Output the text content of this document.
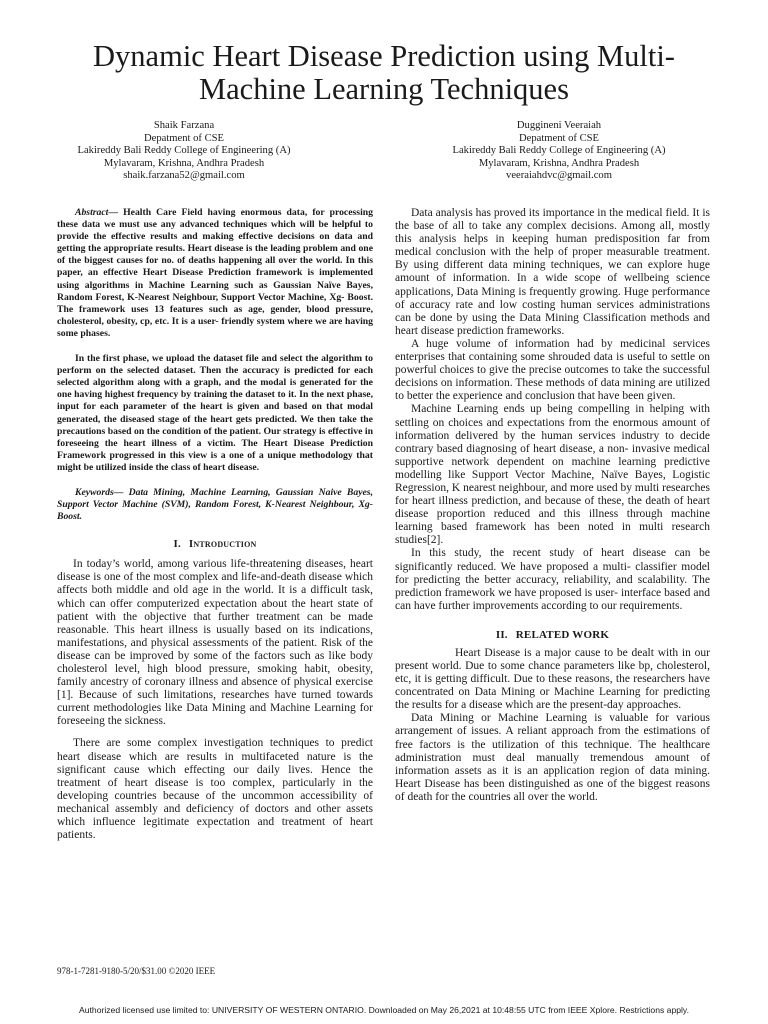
Dynamic Heart Disease Prediction using Multi-Machine Learning Techniques
Shaik Farzana
Depatment of CSE
Lakireddy Bali Reddy College of Engineering (A)
Mylavaram, Krishna, Andhra Pradesh
shaik.farzana52@gmail.com
Duggineni Veeraiah
Depatment of CSE
Lakireddy Bali Reddy College of Engineering (A)
Mylavaram, Krishna, Andhra Pradesh
veeraiahdvc@gmail.com

Abstract— Health Care Field having enormous data, for processing these data we must use any advanced techniques which will be helpful to provide the effective results and making effective decisions on data and getting the appropriate results. Heart disease is the leading problem and one of the biggest causes for no. of deaths happening all over the world. In this paper, an effective Heart Disease Prediction framework is implemented using algorithms in Machine Learning such as Gaussian Naïve Bayes, Random Forest, K-Nearest Neighbour, Support Vector Machine, Xg- Boost. The framework uses 13 features such as age, gender, blood pressure, cholesterol, obesity, cp, etc. It is a user- friendly system where we are having some phases.

In the first phase, we upload the dataset file and select the algorithm to perform on the selected dataset. Then the accuracy is predicted for each selected algorithm along with a graph, and the modal is generated for the one having highest frequency by training the dataset to it. In the next phase, input for each parameter of the heart is given and based on that modal generated, the diseased stage of the heart gets predicted. We then take the precautions based on the condition of the patient. Our strategy is effective in foreseeing the heart illness of a victim. The Heart Disease Prediction Framework progressed in this view is a one of a unique methodology that might be utilized inside the class of heart disease.

Keywords— Data Mining, Machine Learning, Gaussian Naive Bayes, Support Vector Machine (SVM), Random Forest, K-Nearest Neighbour, Xg- Boost.

I. Introduction

In today’s world, among various life-threatening diseases, heart disease is one of the most complex and life-and-death disease which affects both middle and old age in the world. It is a difficult task, which can offer computerized expectation about the heart state of patient with the objective that further treatment can be made reasonable. This heart illness is usually based on its indications, manifestations, and physical assessments of the patient. Risk of the disease can be improved by some of the factors such as like body cholesterol level, high blood pressure, smoking habit, obesity, family ancestry of coronary illness and absence of physical exercise [1]. Because of such limitations, researches have turned towards current methodologies like Data Mining and Machine Learning for foreseeing the sickness.

There are some complex investigation techniques to predict heart disease which are results in multifaceted nature is the significant cause which effecting our daily lives. Hence the treatment of heart disease is too complex, particularly in the developing countries because of the uncommon accessibility of mechanical assembly and deficiency of doctors and other assets which influence legitimate expectation and treatment of heart patients.

Data analysis has proved its importance in the medical field. It is the base of all to take any complex decisions. Among all, mostly this analysis helps in keeping human predisposition far from medical conclusion with the help of proper measurable treatment. By using different data mining techniques, we can explore huge amount of information. In a wide scope of wellbeing science applications, Data Mining is frequently growing. Huge performance of accuracy rate and low costing human services administrations can be done by using the Data Mining Classification methods and heart disease prediction frameworks.

A huge volume of information had by medicinal services enterprises that containing some shrouded data is useful to settle on powerful choices to give the precise outcomes to take the successful decisions on information. These methods of data mining are utilized to better the experience and conclusion that have been given.

Machine Learning ends up being compelling in helping with settling on choices and expectations from the enormous amount of information delivered by the human services industry to decide contrary based diagnosing of heart disease, a non- invasive medical supportive network dependent on machine learning predictive modelling like Support Vector Machine, Naïve Bayes, Logistic Regression, K nearest neighbour, and more used by multi researches for heart illness prediction, and because of these, the death of heart disease proportion reduced and this illness through machine learning based framework has been noted in multi research studies[2].

In this study, the recent study of heart disease can be significantly reduced. We have proposed a multi- classifier model for predicting the better accuracy, reliability, and scalability. The prediction framework we have proposed is user- interface based and can have further improvements according to our requirements.

II. RELATED WORK

Heart Disease is a major cause to be dealt with in our present world. Due to some chance parameters like bp, cholesterol, etc, it is getting difficult. Due to these reasons, the researchers have concentrated on Data Mining or Machine Learning for predicting the results for a disease which are the present-day approaches.

Data Mining or Machine Learning is valuable for various arrangement of issues. A reliant approach from the estimations of free factors is the utilization of this technique. The healthcare administration must deal manually tremendous amount of information assets as it is an application region of data mining. Heart Disease has been distinguished as one of the biggest reasons of death for the countries all over the world.

978-1-7281-9180-5/20/$31.00 ©2020 IEEE
Authorized licensed use limited to: UNIVERSITY OF WESTERN ONTARIO. Downloaded on May 26,2021 at 10:48:55 UTC from IEEE Xplore. Restrictions apply.
